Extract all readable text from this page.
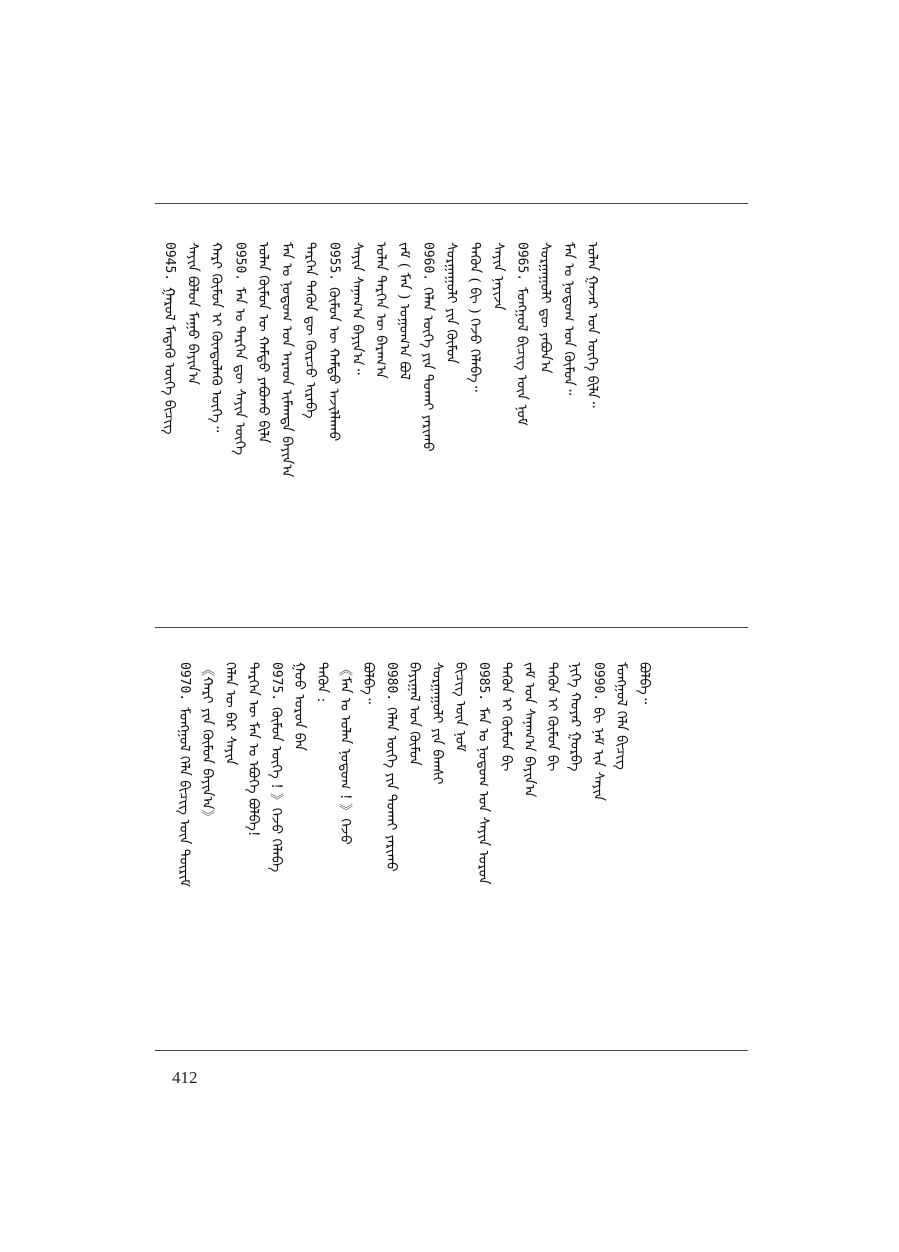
0945.ᠭᠠᠷᠤᠯ ᠮᠡᠳᠡᠬᠦ ᠦᠭᠡ ᠪᠢᠴᠢᠭ ᠰᠠᠶᠢᠨ ᠪᠣᠯᠣᠨ ᠮᠠᠭᠤ ᠪᠠᠶᠢᠨ᠎ᠠ ᠬᠠᠷᠢ ᠬᠦᠮᠦᠨ ᠢ ᠬᠦᠨᠳᠦᠯᠡᠬᠦ ᠦᠭᠡ᠃ 0950.ᠮᠠᠨ ᠤ ᠲᠡᠷᠭᠡᠨ ᠳᠦ ᠰᠠᠶᠢᠨ ᠦᠭᠡ ᠤᠯᠠᠨ ᠬᠦᠮᠦᠨ ᠦ ᠬᠠᠮᠲᠤ ᠶᠠᠪᠤᠬᠤ ᠪᠢᠯᠡ ᠮᠠᠨ ᠤ ᠨᠤᠲᠤᠭ ᠤᠨ ᠠᠷᠠᠳ ᠢᠮᠠᠭᠳᠠ ᠪᠠᠶᠢᠨ᠎ᠠ ᠲᠡᠷᠭᠡᠨ ᠲᠡᠭᠦᠨ ᠳᠦ ᠬᠦᠷᠴᠦ ᠢᠷᠡᠪᠡ 0955.ᠬᠦᠮᠦᠨ ᠦ ᠬᠠᠮᠲᠤ ᠠᠵᠢᠯᠯᠠᠬᠤ ᠰᠠᠶᠢᠨ ᠰᠠᠨᠠᠭ᠎ᠠ ᠪᠠᠶᠢᠨ᠎ᠠ᠃ ᠣᠯᠠᠨ ᠲᠡᠷᠭᠡᠨ ᠦ ᠪᠠᠷᠠᠭ᠎ᠠ ᠵᠠᠮ ( ᠮᠠᠨ ) ᠤᠭᠤᠭ᠎ᠠ ᠪᠣᠯ 0960.ᠬᠡᠯᠡᠨ ᠦᠭᠡ ᠶᠢᠨ ᠲᠤᠬᠠᠢ ᠶᠠᠷᠢᠬᠤ ᠰᠤᠷᠭᠠᠭᠤᠯᠢ ᠶᠢᠨ ᠬᠦᠮᠦᠨ ᠲᠡᠭᠦᠨ ( ᠪᠢ ) ᠭᠡᠵᠦ ᠬᠡᠯᠡᠪᠡ᠃ ᠰᠠᠶᠢᠨ ᠨᠠᠶᠢᠵᠠ 0965.ᠮᠣᠩᠭᠣᠯ ᠪᠢᠴᠢᠭ ᠦᠨ ᠨᠣᠮ ᠰᠤᠷᠭᠠᠭᠤᠯᠢ ᠳᠦ ᠶᠠᠪᠤᠨ᠎ᠠ ᠮᠠᠨ ᠤ ᠨᠤᠲᠤᠭ ᠤᠨ ᠬᠦᠮᠦᠨ᠃ ᠣᠯᠠᠨ ᠭᠠᠵᠠᠷ ᠤᠨ ᠦᠭᠡ ᠪᠢᠯᠡ᠃
0970.ᠮᠣᠩᠭᠣᠯ ᠬᠡᠯᠡ ᠪᠢᠴᠢᠭ ᠦᠨ ᠳᠦᠷᠢᠮ 《ᠬᠠᠷᠢ ᠶᠢᠨ ᠬᠦᠮᠦᠨ ᠪᠠᠶᠢᠨ᠎ᠠ》 ᠬᠡᠯᠡᠨ ᠦ ᠪᠠᠷ ᠰᠠᠶᠢᠨ ᠲᠡᠷᠭᠡᠨ ᠦ ᠮᠠᠨ ᠤ ᠡᠪᠦᠭᠡ ᠪᠣᠯᠪᠠ! 0975.ᠬᠦᠮᠦᠨ ᠦᠭᠡ ! 》ᠭᠡᠵᠦ ᠬᠡᠯᠡᠪᠡ
ᠭᠣᠣ ᠣᠷᠣᠨ ᠪᠠᠨ ᠲᠡᠭᠦᠨ : 《ᠮᠠᠨ ᠤ ᠤᠯᠠᠨ ᠨᠤᠲᠤᠭ ! 》ᠭᠡᠵᠦ ᠪᠣᠯᠪᠠ᠃ 0980.ᠬᠡᠯᠡᠨ ᠦᠭᠡ ᠶᠢᠨ ᠲᠤᠬᠠᠢ ᠶᠠᠷᠢᠬᠤ ᠪᠠᠶᠢᠭᠠᠯ ᠤᠨ ᠬᠦᠮᠦᠨ ᠰᠤᠷᠭᠠᠭᠤᠯᠢ ᠶᠢᠨ ᠪᠠᠭᠰᠢ ᠪᠢᠴᠢᠭ ᠦᠨ ᠨᠣᠮ 0985.ᠮᠠᠨ ᠤ ᠨᠤᠲᠤᠭ ᠤᠨ ᠰᠠᠶᠢᠨ ᠣᠷᠣᠨ ᠲᠡᠭᠦᠨ ᠢ ᠬᠦᠮᠦᠨ ᠪᠢ ᠵᠠᠮ ᠤᠨ ᠰᠠᠨᠠᠭ᠎ᠠ ᠪᠠᠶᠢᠨ᠎ᠠ ᠲᠡᠭᠦᠨ ᠢ ᠬᠦᠮᠦᠨ ᠪᠢ ᠨᠢᠭᠡ ᠬᠣᠶᠠᠷ ᠭᠤᠷᠪᠠ 0990.ᠪᠢ ᠨᠠᠮ ᠢᠨ ᠰᠠᠶᠢᠨ ᠮᠣᠩᠭᠣᠯ ᠬᠡᠯᠡ ᠪᠢᠴᠢᠭ ᠪᠣᠯᠪᠠ᠃
412
